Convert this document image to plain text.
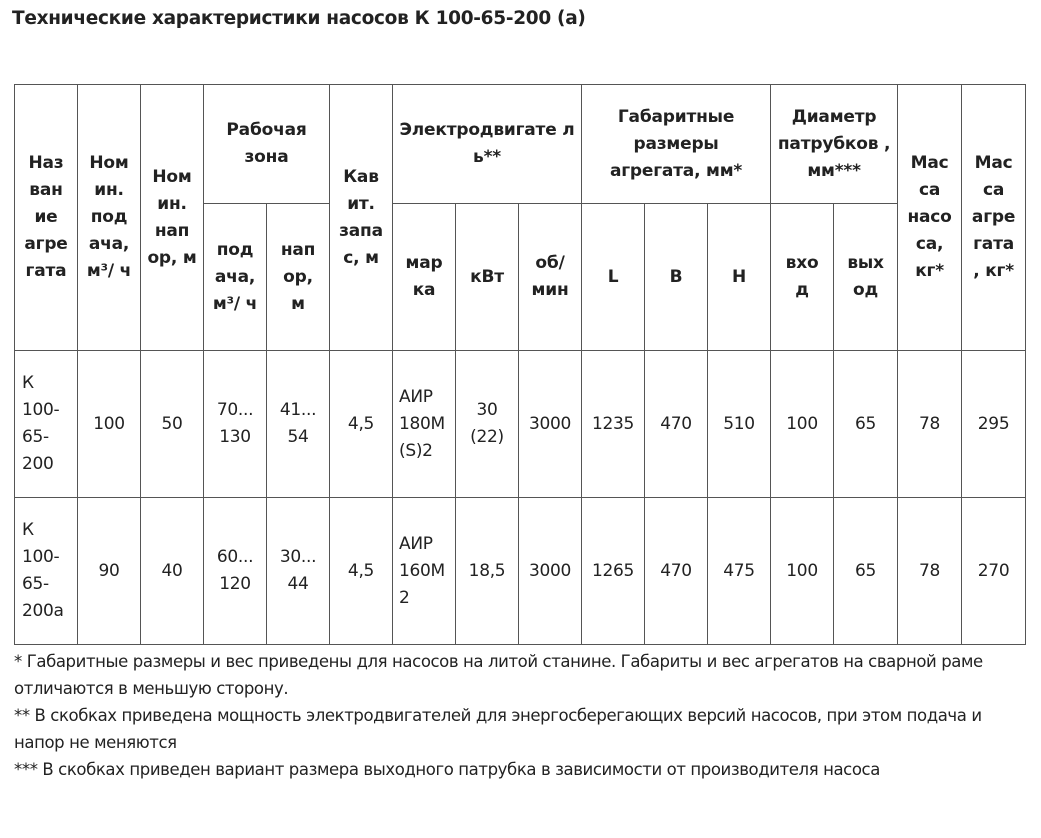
Технические характеристики насосов К 100-65-200 (а)
Наз ван ие агре гата	Ном ин. под ача, м³/ ч	Ном ин. нап ор, м	Рабочая зона		Кав ит. запа с, м	Электродвигате ль**			Габаритные размеры агрегата, мм*			Диаметр патрубков , мм***		Мас са насо са, кг*	Мас са агре гата , кг*
			под ача, м³/ ч	нап ор, м		мар ка	кВт	об/ мин	L	B	H	вхо д	вых од		
К 100-65-200	100	50	70... 130	41... 54	4,5	АИР 180М (S)2	30 (22)	3000	1235	470	510	100	65	78	295
К 100-65-200а	90	40	60... 120	30... 44	4,5	АИР 160М 2	18,5	3000	1265	470	475	100	65	78	270
* Габаритные размеры и вес приведены для насосов на литой станине. Габариты и вес агрегатов на сварной раме отличаются в меньшую сторону.
** В скобках приведена мощность электродвигателей для энергосберегающих версий насосов, при этом подача и напор не меняются
*** В скобках приведен вариант размера выходного патрубка в зависимости от производителя насоса
